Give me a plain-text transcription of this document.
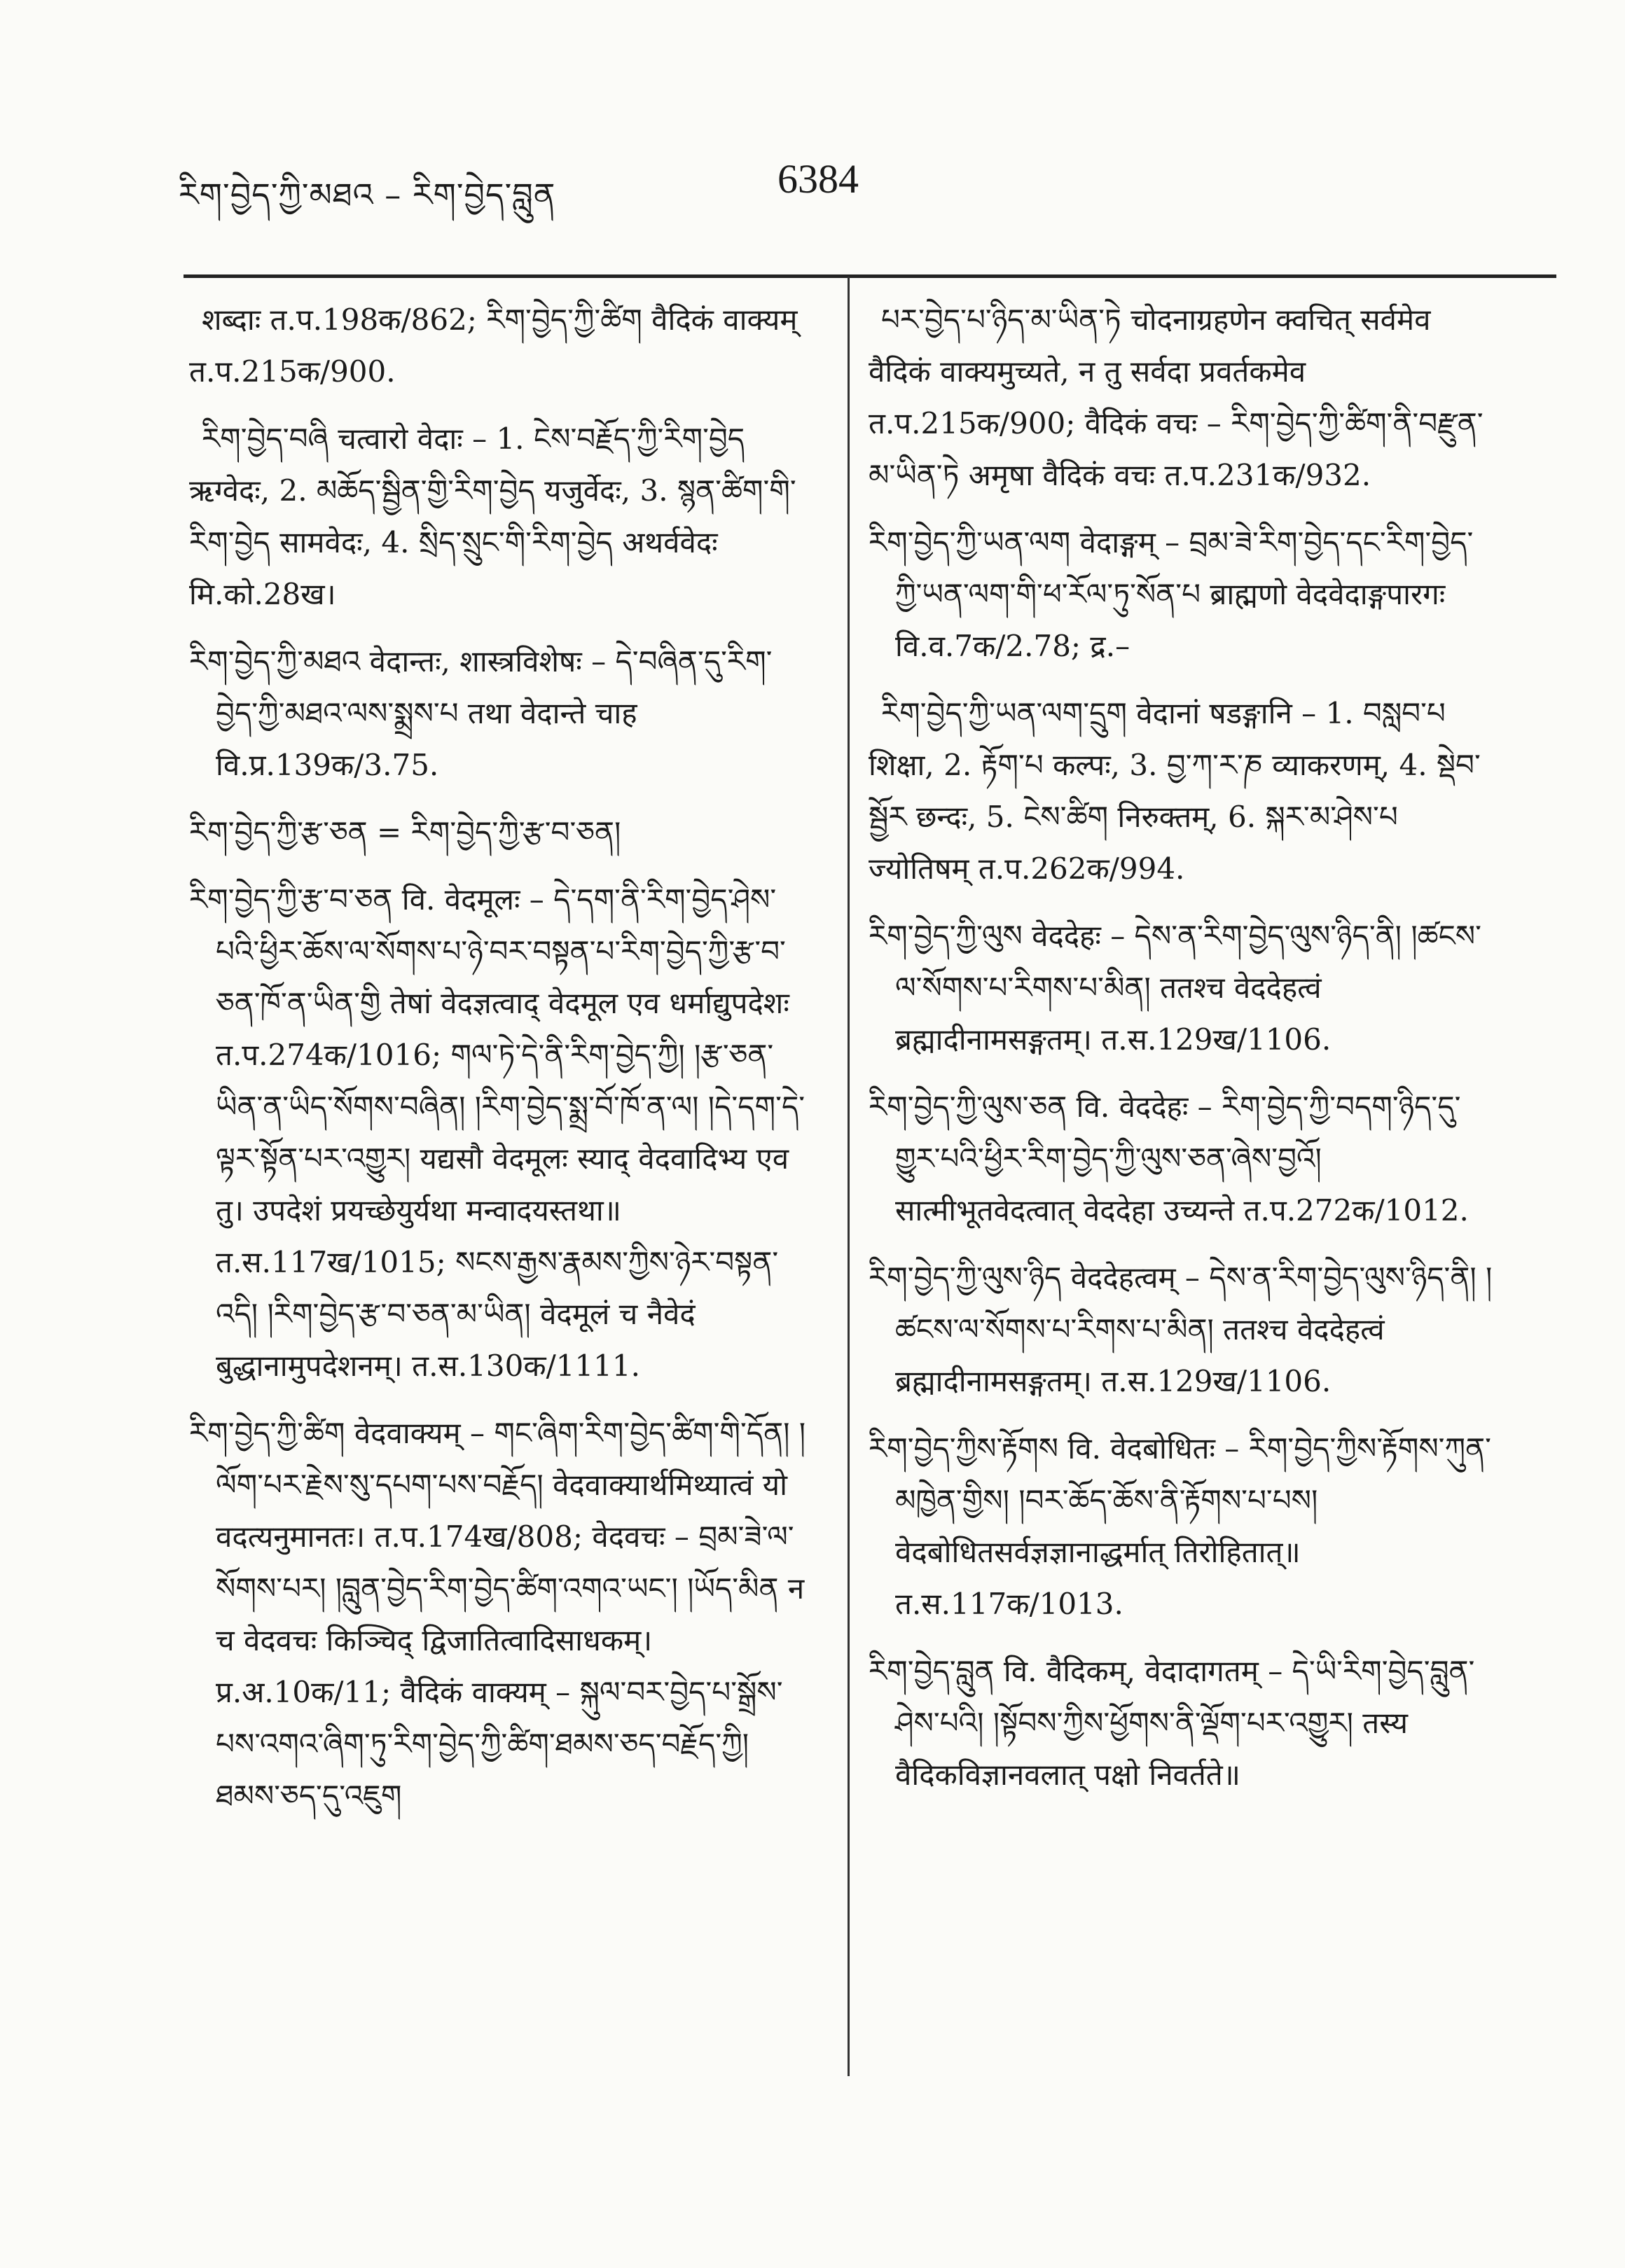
རིག་བྱེད་ཀྱི་མཐའ – རིག་བྱེད་བླུན	6384

शब्दाः त.प.198क/862; རིག་བྱེད་ཀྱི་ཚིག वैदिकं वाक्यम् त.प.215क/900.

རིག་བྱེད་བཞི चत्वारो वेदाः – 1. ངེས་བརྗོད་ཀྱི་རིག་བྱེད ऋग्वेदः, 2. མཆོད་སྦྱིན་གྱི་རིག་བྱེད यजुर्वेदः, 3. སྙན་ཚིག་གི་རིག་བྱེད सामवेदः, 4. སྲིད་སྲུང་གི་རིག་བྱེད अथर्ववेदः मि.को.28ख।

རིག་བྱེད་ཀྱི་མཐའ वेदान्तः, शास्त्रविशेषः – དེ་བཞིན་དུ་རིག་བྱེད་ཀྱི་མཐའ་ལས་སྨྲས་པ तथा वेदान्ते चाह वि.प्र.139क/3.75.

རིག་བྱེད་ཀྱི་རྩ་ཅན = རིག་བྱེད་ཀྱི་རྩ་བ་ཅན།

རིག་བྱེད་ཀྱི་རྩ་བ་ཅན वि. वेदमूलः – དེ་དག་ནི་རིག་བྱེད་ཤེས་པའི་ཕྱིར་ཆོས་ལ་སོགས་པ་ཉེ་བར་བསྟན་པ་རིག་བྱེད་ཀྱི་རྩ་བ་ཅན་ཁོ་ན་ཡིན་གྱི तेषां वेदज्ञत्वाद् वेदमूल एव धर्माद्युपदेशः त.प.274क/1016; གལ་ཏེ་དེ་ནི་རིག་བྱེད་ཀྱི། །རྩ་ཅན་ཡིན་ན་ཡིད་སོགས་བཞིན། །རིག་བྱེད་སྨྲ་བོ་ཁོ་ན་ལ། །དེ་དག་དེ་ལྟར་སྟོན་པར་འགྱུར། यद्यसौ वेदमूलः स्याद् वेदवादिभ्य एव तु। उपदेशं प्रयच्छेयुर्यथा मन्वादयस्तथा॥ त.स.117ख/1015; སངས་རྒྱས་རྣམས་ཀྱིས་ཉེར་བསྟན་འདི། །རིག་བྱེད་རྩ་བ་ཅན་མ་ཡིན། वेदमूलं च नैवेदं बुद्धानामुपदेशनम्। त.स.130क/1111.

རིག་བྱེད་ཀྱི་ཚིག वेदवाक्यम् – གང་ཞིག་རིག་བྱེད་ཚིག་གི་དོན། །ལོག་པར་རྗེས་སུ་དཔག་པས་བརྗོད། वेदवाक्यार्थमिथ्यात्वं यो वदत्यनुमानतः। त.प.174ख/808; वेदवचः – བྲམ་ཟེ་ལ་སོགས་པར། །བླུན་བྱེད་རིག་བྱེད་ཚིག་འགའ་ཡང་། །ཡོད་མིན न च वेदवचः किञ्चिद् द्विजातित्वादिसाधकम्। प्र.अ.10क/11; वैदिकं वाक्यम् – སྐུལ་བར་བྱེད་པ་སྒྲོས་པས་འགའ་ཞིག་ཏུ་རིག་བྱེད་ཀྱི་ཚིག་ཐམས་ཅད་བརྗོད་ཀྱི། ཐམས་ཅད་དུ་འཇུག

པར་བྱེད་པ་ཉིད་མ་ཡིན་ཏེ चोदनाग्रहणेन क्वचित् सर्वमेव वैदिकं वाक्यमुच्यते, न तु सर्वदा प्रवर्तकमेव त.प.215क/900; वैदिकं वचः – རིག་བྱེད་ཀྱི་ཚིག་ནི་བརྫུན་མ་ཡིན་ཏེ अमृषा वैदिकं वचः त.प.231क/932.

རིག་བྱེད་ཀྱི་ཡན་ལག वेदाङ्गम् – བྲམ་ཟེ་རིག་བྱེད་དང་རིག་བྱེད་ཀྱི་ཡན་ལག་གི་ཕ་རོལ་ཏུ་སོན་པ ब्राह्मणो वेदवेदाङ्गपारगः वि.व.7क/2.78; द्र.–

རིག་བྱེད་ཀྱི་ཡན་ལག་དྲུག वेदानां षडङ्गानि – 1. བསླབ་པ शिक्षा, 2. རྟོག་པ कल्पः, 3. བྱ་ཀ་ར་ཎ व्याकरणम्, 4. སྡེབ་སྦྱོར छन्दः, 5. ངེས་ཚིག निरुक्तम्, 6. སྐར་མ་ཤེས་པ ज्योतिषम् त.प.262क/994.

རིག་བྱེད་ཀྱི་ལུས वेददेहः – དེས་ན་རིག་བྱེད་ལུས་ཉིད་ནི། །ཚངས་ལ་སོགས་པ་རིགས་པ་མིན། ततश्च वेददेहत्वं ब्रह्मादीनामसङ्गतम्। त.स.129ख/1106.

རིག་བྱེད་ཀྱི་ལུས་ཅན वि. वेददेहः – རིག་བྱེད་ཀྱི་བདག་ཉིད་དུ་གྱུར་པའི་ཕྱིར་རིག་བྱེད་ཀྱི་ལུས་ཅན་ཞེས་བྱའོ། सात्मीभूतवेदत्वात् वेददेहा उच्यन्ते त.प.272क/1012.

རིག་བྱེད་ཀྱི་ལུས་ཉིད वेददेहत्वम् – དེས་ན་རིག་བྱེད་ལུས་ཉིད་ནི། །ཚངས་ལ་སོགས་པ་རིགས་པ་མིན། ततश्च वेददेहत्वं ब्रह्मादीनामसङ्गतम्। त.स.129ख/1106.

རིག་བྱེད་ཀྱིས་རྟོགས वि. वेदबोधितः – རིག་བྱེད་ཀྱིས་རྟོགས་ཀུན་མཁྱེན་གྱིས། །བར་ཆོད་ཆོས་ནི་རྟོགས་པ་པས། वेदबोधितसर्वज्ञज्ञानाद्धर्मात् तिरोहितात्॥ त.स.117क/1013.

རིག་བྱེད་བླུན वि. वैदिकम्, वेदादागतम् – དེ་ཡི་རིག་བྱེད་བླུན་ཤེས་པའི། །སྟོབས་ཀྱིས་ཕྱོགས་ནི་ལྡོག་པར་འགྱུར། तस्य वैदिकविज्ञानवलात् पक्षो निवर्तते॥
